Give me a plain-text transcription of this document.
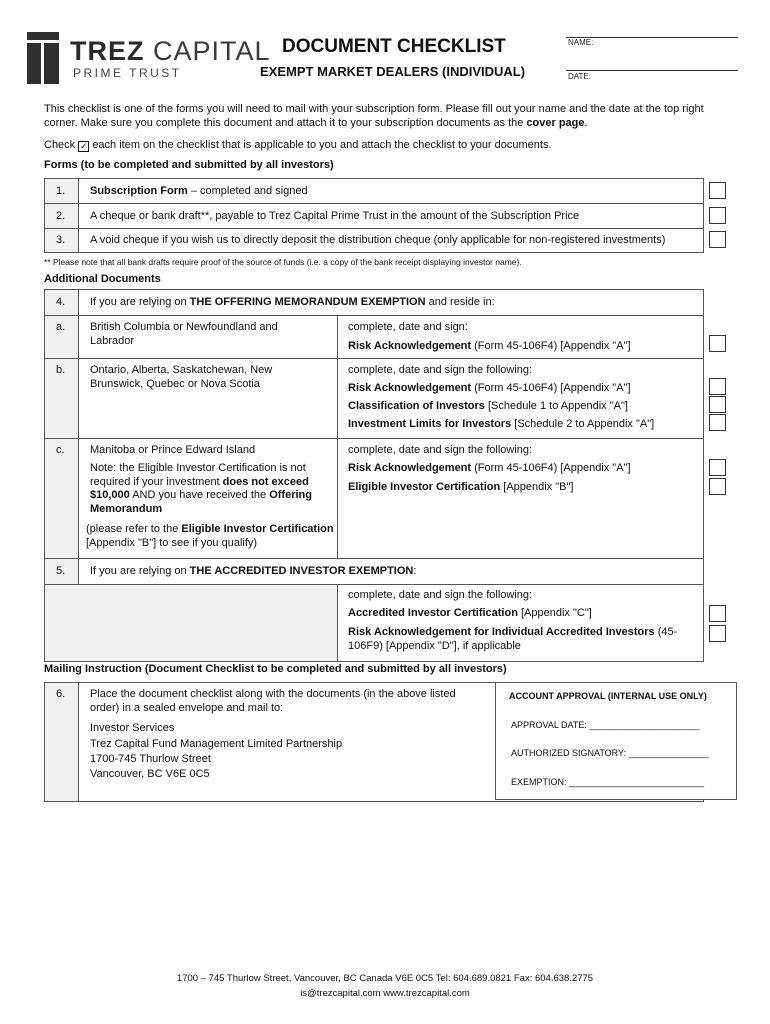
TREZ CAPITAL
PRIME TRUST
DOCUMENT CHECKLIST
EXEMPT MARKET DEALERS (INDIVIDUAL)
NAME:
DATE:
This checklist is one of the forms you will need to mail with your subscription form. Please fill out your name and the date at the top right corner. Make sure you complete this document and attach it to your subscription documents as the cover page.
Check ✓ each item on the checklist that is applicable to you and attach the checklist to your documents.
Forms (to be completed and submitted by all investors)
1. Subscription Form – completed and signed
2. A cheque or bank draft**, payable to Trez Capital Prime Trust in the amount of the Subscription Price
3. A void cheque if you wish us to directly deposit the distribution cheque (only applicable for non-registered investments)
** Please note that all bank drafts require proof of the source of funds (i.e. a copy of the bank receipt displaying investor name).
Additional Documents
4. If you are relying on THE OFFERING MEMORANDUM EXEMPTION and reside in:
a. British Columbia or Newfoundland and Labrador
complete, date and sign:
Risk Acknowledgement (Form 45-106F4) [Appendix "A"]
b. Ontario, Alberta, Saskatchewan, New Brunswick, Quebec or Nova Scotia
complete, date and sign the following:
Risk Acknowledgement (Form 45-106F4) [Appendix "A"]
Classification of Investors [Schedule 1 to Appendix "A"]
Investment Limits for Investors [Schedule 2 to Appendix "A"]
c. Manitoba or Prince Edward Island
Note: the Eligible Investor Certification is not required if your investment does not exceed $10,000 AND you have received the Offering Memorandum
(please refer to the Eligible Investor Certification [Appendix "B"] to see if you qualify)
complete, date and sign the following:
Risk Acknowledgement (Form 45-106F4) [Appendix "A"]
Eligible Investor Certification [Appendix "B"]
5. If you are relying on THE ACCREDITED INVESTOR EXEMPTION:
complete, date and sign the following:
Accredited Investor Certification [Appendix "C"]
Risk Acknowledgement for Individual Accredited Investors (45-106F9) [Appendix "D"], if applicable
Mailing Instruction (Document Checklist to be completed and submitted by all investors)
6. Place the document checklist along with the documents (in the above listed order) in a sealed envelope and mail to:
Investor Services
Trez Capital Fund Management Limited Partnership
1700-745 Thurlow Street
Vancouver, BC V6E 0C5
ACCOUNT APPROVAL (INTERNAL USE ONLY)
APPROVAL DATE: ______________________
AUTHORIZED SIGNATORY: ________________
EXEMPTION: ___________________________
1700 – 745 Thurlow Street, Vancouver, BC Canada V6E 0C5 Tel: 604.689.0821 Fax: 604.638.2775
is@trezcapital.com www.trezcapital.com
